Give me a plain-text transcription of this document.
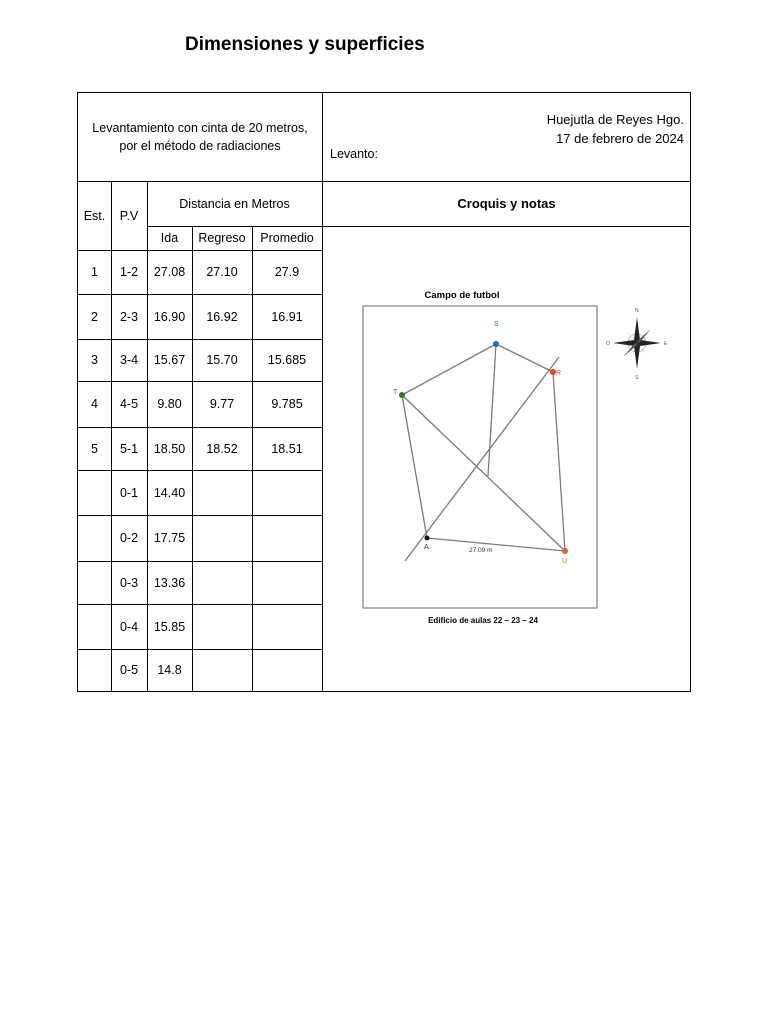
Dimensiones y superficies
Levantamiento con cinta de 20 metros,
por el método de radiaciones
Huejutla de Reyes Hgo.
17 de febrero de 2024
Levanto:
Est.	P.V
Distancia en Metros
Ida	Regreso	Promedio
Croquis y notas
1	1-2	27.08	27.10	27.9
2	2-3	16.90	16.92	16.91
3	3-4	15.67	15.70	15.685
4	4-5	9.80	9.77	9.785
5	5-1	18.50	18.52	18.51
0-1	14.40
0-2	17.75
0-3	13.36
0-4	15.85
0-5	14.8
Campo de futbol
S
R
T
A
U
27.09 m
Edificio de aulas 22 – 23 – 24
N
S
E
O
